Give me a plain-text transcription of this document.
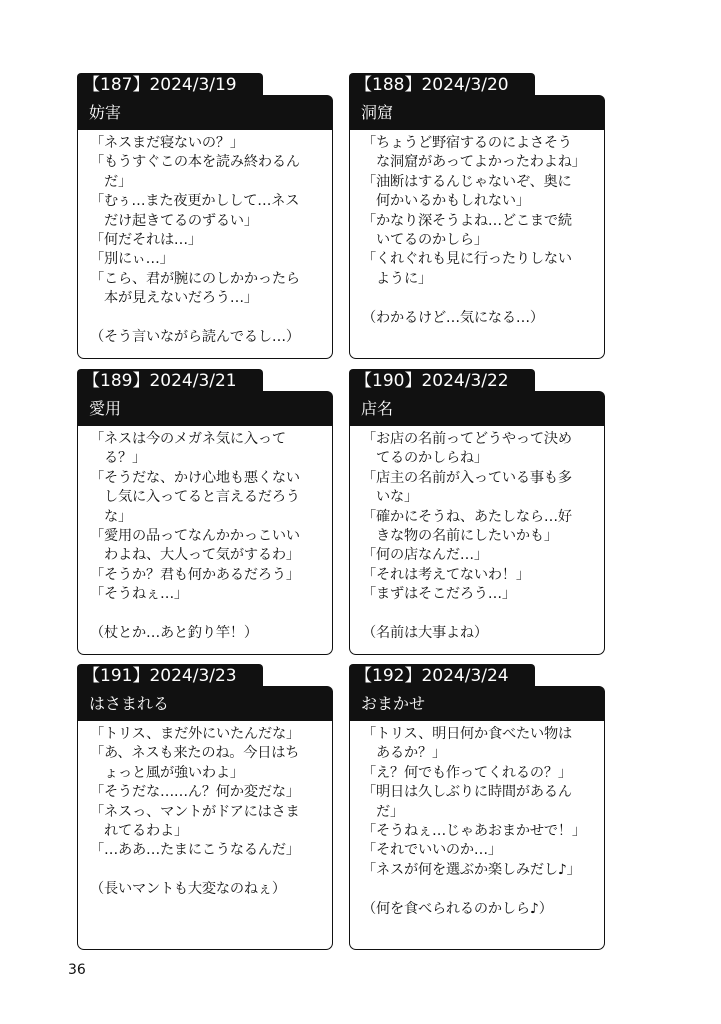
【187】2024/3/19
妨害
「ネスまだ寝ないの？」
「もうすぐこの本を読み終わるん
だ」
「むぅ…また夜更かしして…ネス
だけ起きてるのずるい」
「何だそれは…」
「別にぃ…」
「こら、君が腕にのしかかったら
本が見えないだろう…」
（そう言いながら読んでるし…）
【188】2024/3/20
洞窟
「ちょうど野宿するのによさそう
な洞窟があってよかったわよね」
「油断はするんじゃないぞ、奥に
何かいるかもしれない」
「かなり深そうよね…どこまで続
いてるのかしら」
「くれぐれも見に行ったりしない
ように」
（わかるけど…気になる…）
【189】2024/3/21
愛用
「ネスは今のメガネ気に入って
る？」
「そうだな、かけ心地も悪くない
し気に入ってると言えるだろう
な」
「愛用の品ってなんかかっこいい
わよね、大人って気がするわ」
「そうか？君も何かあるだろう」
「そうねぇ…」
（杖とか…あと釣り竿！）
【190】2024/3/22
店名
「お店の名前ってどうやって決め
てるのかしらね」
「店主の名前が入っている事も多
いな」
「確かにそうね、あたしなら…好
きな物の名前にしたいかも」
「何の店なんだ…」
「それは考えてないわ！」
「まずはそこだろう…」
（名前は大事よね）
【191】2024/3/23
はさまれる
「トリス、まだ外にいたんだな」
「あ、ネスも来たのね。今日はち
ょっと風が強いわよ」
「そうだな……ん？何か変だな」
「ネスっ、マントがドアにはさま
れてるわよ」
「…ああ…たまにこうなるんだ」
（長いマントも大変なのねぇ）
【192】2024/3/24
おまかせ
「トリス、明日何か食べたい物は
あるか？」
「え？何でも作ってくれるの？」
「明日は久しぶりに時間があるん
だ」
「そうねぇ…じゃあおまかせで！」
「それでいいのか…」
「ネスが何を選ぶか楽しみだし♪」
（何を食べられるのかしら♪）
36
